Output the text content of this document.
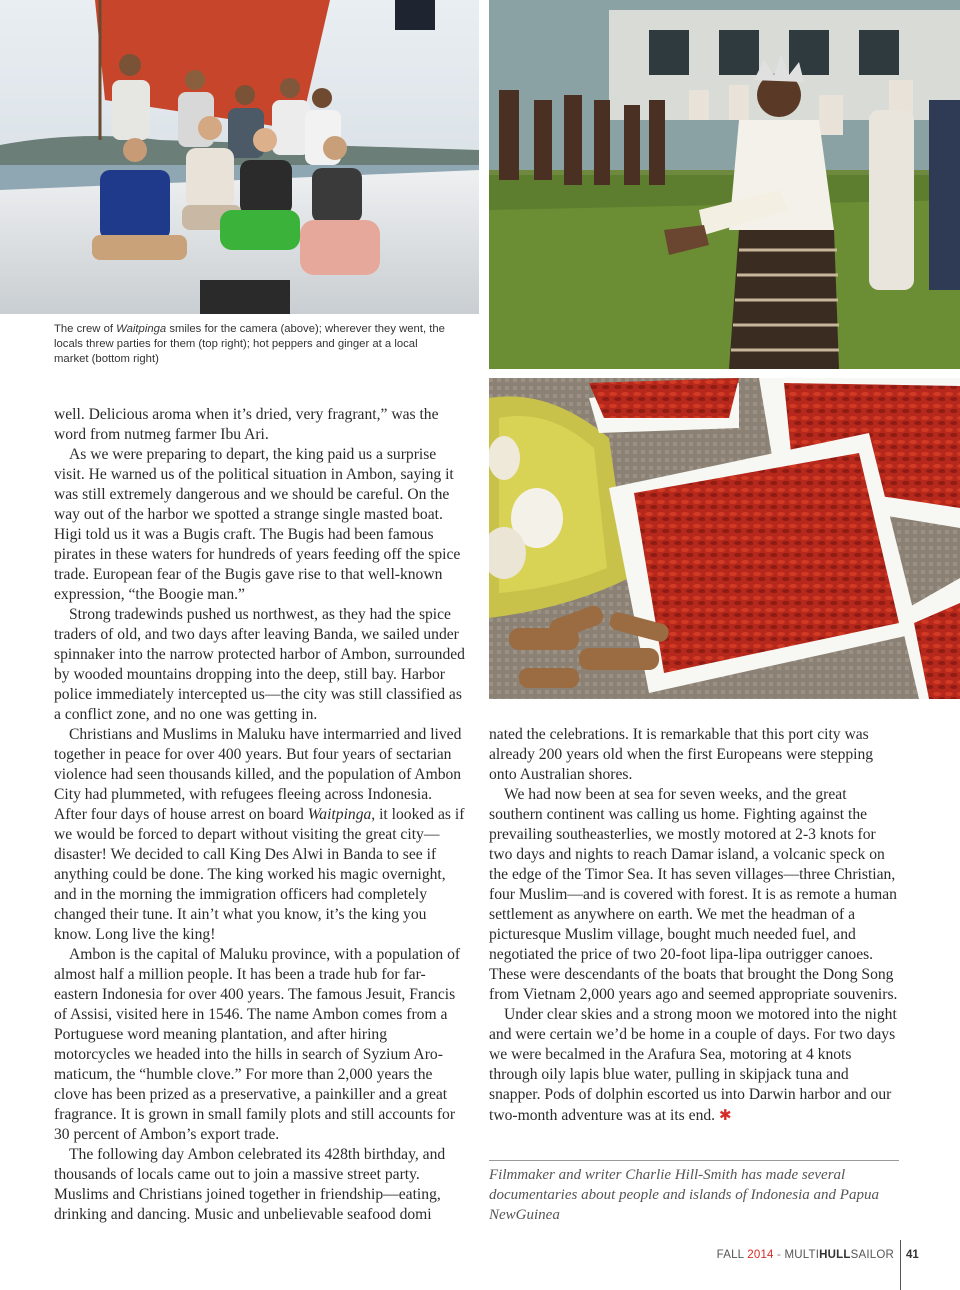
The crew of Waitpinga smiles for the camera (above); wherever they went, the locals threw parties for them (top right); hot peppers and ginger at a local market (bottom right)

well. Delicious aroma when it’s dried, very fragrant,” was the word from nutmeg farmer Ibu Ari.

As we were preparing to depart, the king paid us a surprise visit. He warned us of the political situation in Ambon, saying it was still extremely dangerous and we should be careful. On the way out of the harbor we spotted a strange single masted boat. Higi told us it was a Bugis craft. The Bugis had been famous pirates in these waters for hundreds of years feeding off the spice trade. European fear of the Bugis gave rise to that well-known expression, “the Boogie man.”

Strong tradewinds pushed us northwest, as they had the spice traders of old, and two days after leaving Banda, we sailed under spinnaker into the narrow protected harbor of Ambon, surrounded by wooded mountains dropping into the deep, still bay. Harbor police immediately intercepted us—the city was still classified as a conflict zone, and no one was getting in.

Christians and Muslims in Maluku have intermarried and lived together in peace for over 400 years. But four years of sectarian violence had seen thousands killed, and the population of Ambon City had plummeted, with refugees fleeing across Indonesia. After four days of house arrest on board Waitpinga, it looked as if we would be forced to depart without visiting the great city—disaster! We decided to call King Des Alwi in Banda to see if anything could be done. The king worked his magic overnight, and in the morning the immigration officers had completely changed their tune. It ain’t what you know, it’s the king you know. Long live the king!

Ambon is the capital of Maluku province, with a population of almost half a million people. It has been a trade hub for far-eastern Indonesia for over 400 years. The famous Jesuit, Francis of Assisi, visited here in 1546. The name Ambon comes from a Portuguese word meaning plantation, and after hiring motorcycles we headed into the hills in search of Syzium Aromaticum, the “humble clove.” For more than 2,000 years the clove has been prized as a preservative, a painkiller and a great fragrance. It is grown in small family plots and still accounts for 30 percent of Ambon’s export trade.

The following day Ambon celebrated its 428th birthday, and thousands of locals came out to join a massive street party. Muslims and Christians joined together in friendship—eating, drinking and dancing. Music and unbelievable seafood domi

nated the celebrations. It is remarkable that this port city was already 200 years old when the first Europeans were stepping onto Australian shores.

We had now been at sea for seven weeks, and the great southern continent was calling us home. Fighting against the prevailing southeasterlies, we mostly motored at 2-3 knots for two days and nights to reach Damar island, a volcanic speck on the edge of the Timor Sea. It has seven villages—three Christian, four Muslim—and is covered with forest. It is as remote a human settlement as anywhere on earth. We met the headman of a picturesque Muslim village, bought much needed fuel, and negotiated the price of two 20-foot lipa-lipa outrigger canoes. These were descendants of the boats that brought the Dong Song from Vietnam 2,000 years ago and seemed appropriate souvenirs.

Under clear skies and a strong moon we motored into the night and were certain we’d be home in a couple of days. For two days we were becalmed in the Arafura Sea, motoring at 4 knots through oily lapis blue water, pulling in skipjack tuna and snapper. Pods of dolphin escorted us into Darwin harbor and our two-month adventure was at its end. ✱

Filmmaker and writer Charlie Hill-Smith has made several documentaries about people and islands of Indonesia and Papua NewGuinea
FALL 2014 - MULTIHULLSAILOR 41
